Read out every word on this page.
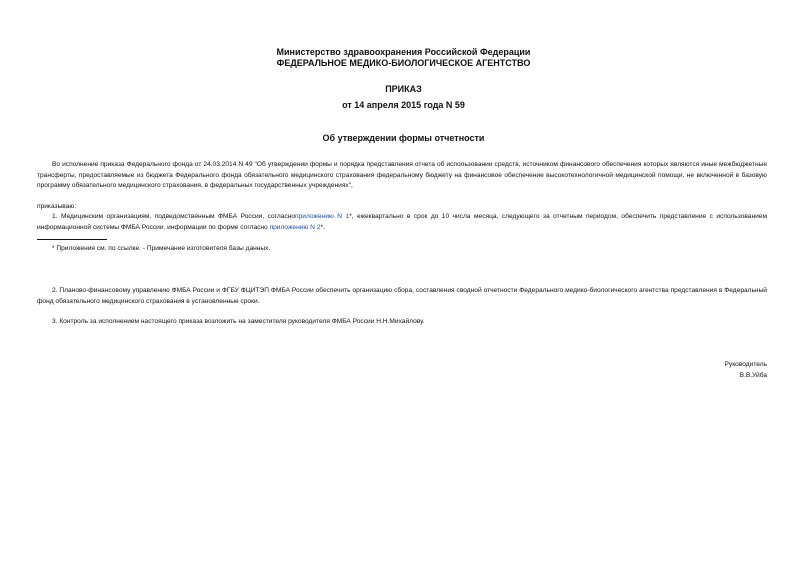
Министерство здравоохранения Российской Федерации
ФЕДЕРАЛЬНОЕ МЕДИКО-БИОЛОГИЧЕСКОЕ АГЕНТСТВО
ПРИКАЗ
от 14 апреля 2015 года N 59
Об утверждении формы отчетности

Во исполнение приказа Федерального фонда от 24.03.2014 N 49 "Об утверждении формы и порядка представления отчета об использовании средств, источником финансового обеспечения которых являются иные межбюджетные трансферты, предоставляемые из бюджета Федерального фонда обязательного медицинского страхования федеральному бюджету на финансовое обеспечение высокотехнологичной медицинской помощи, не включенной в базовую программу обязательного медицинского страхования, в федеральных государственных учреждениях",

приказываю:

1. Медицинским организациям, подведомственным ФМБА России, согласноприложению N 1*, ежеквартально в срок до 10 числа месяца, следующего за отчетным периодом, обеспечить представление с использованием информационной системы ФМБА России, информации по форме согласно приложению N 2*.

* Приложения см. по ссылке. - Примечание изготовителя базы данных.

2. Планово-финансовому управлению ФМБА России и ФГБУ ФЦИТЭП ФМБА России обеспечить организацию сбора, составления сводной отчетности Федерального медико-биологического агентства представления в Федеральный фонд обязательного медицинского страхования в установленные сроки.

3. Контроль за исполнением настоящего приказа возложить на заместителя руководителя ФМБА России Н.Н.Михайлову.

Руководитель
В.В.Уйба
